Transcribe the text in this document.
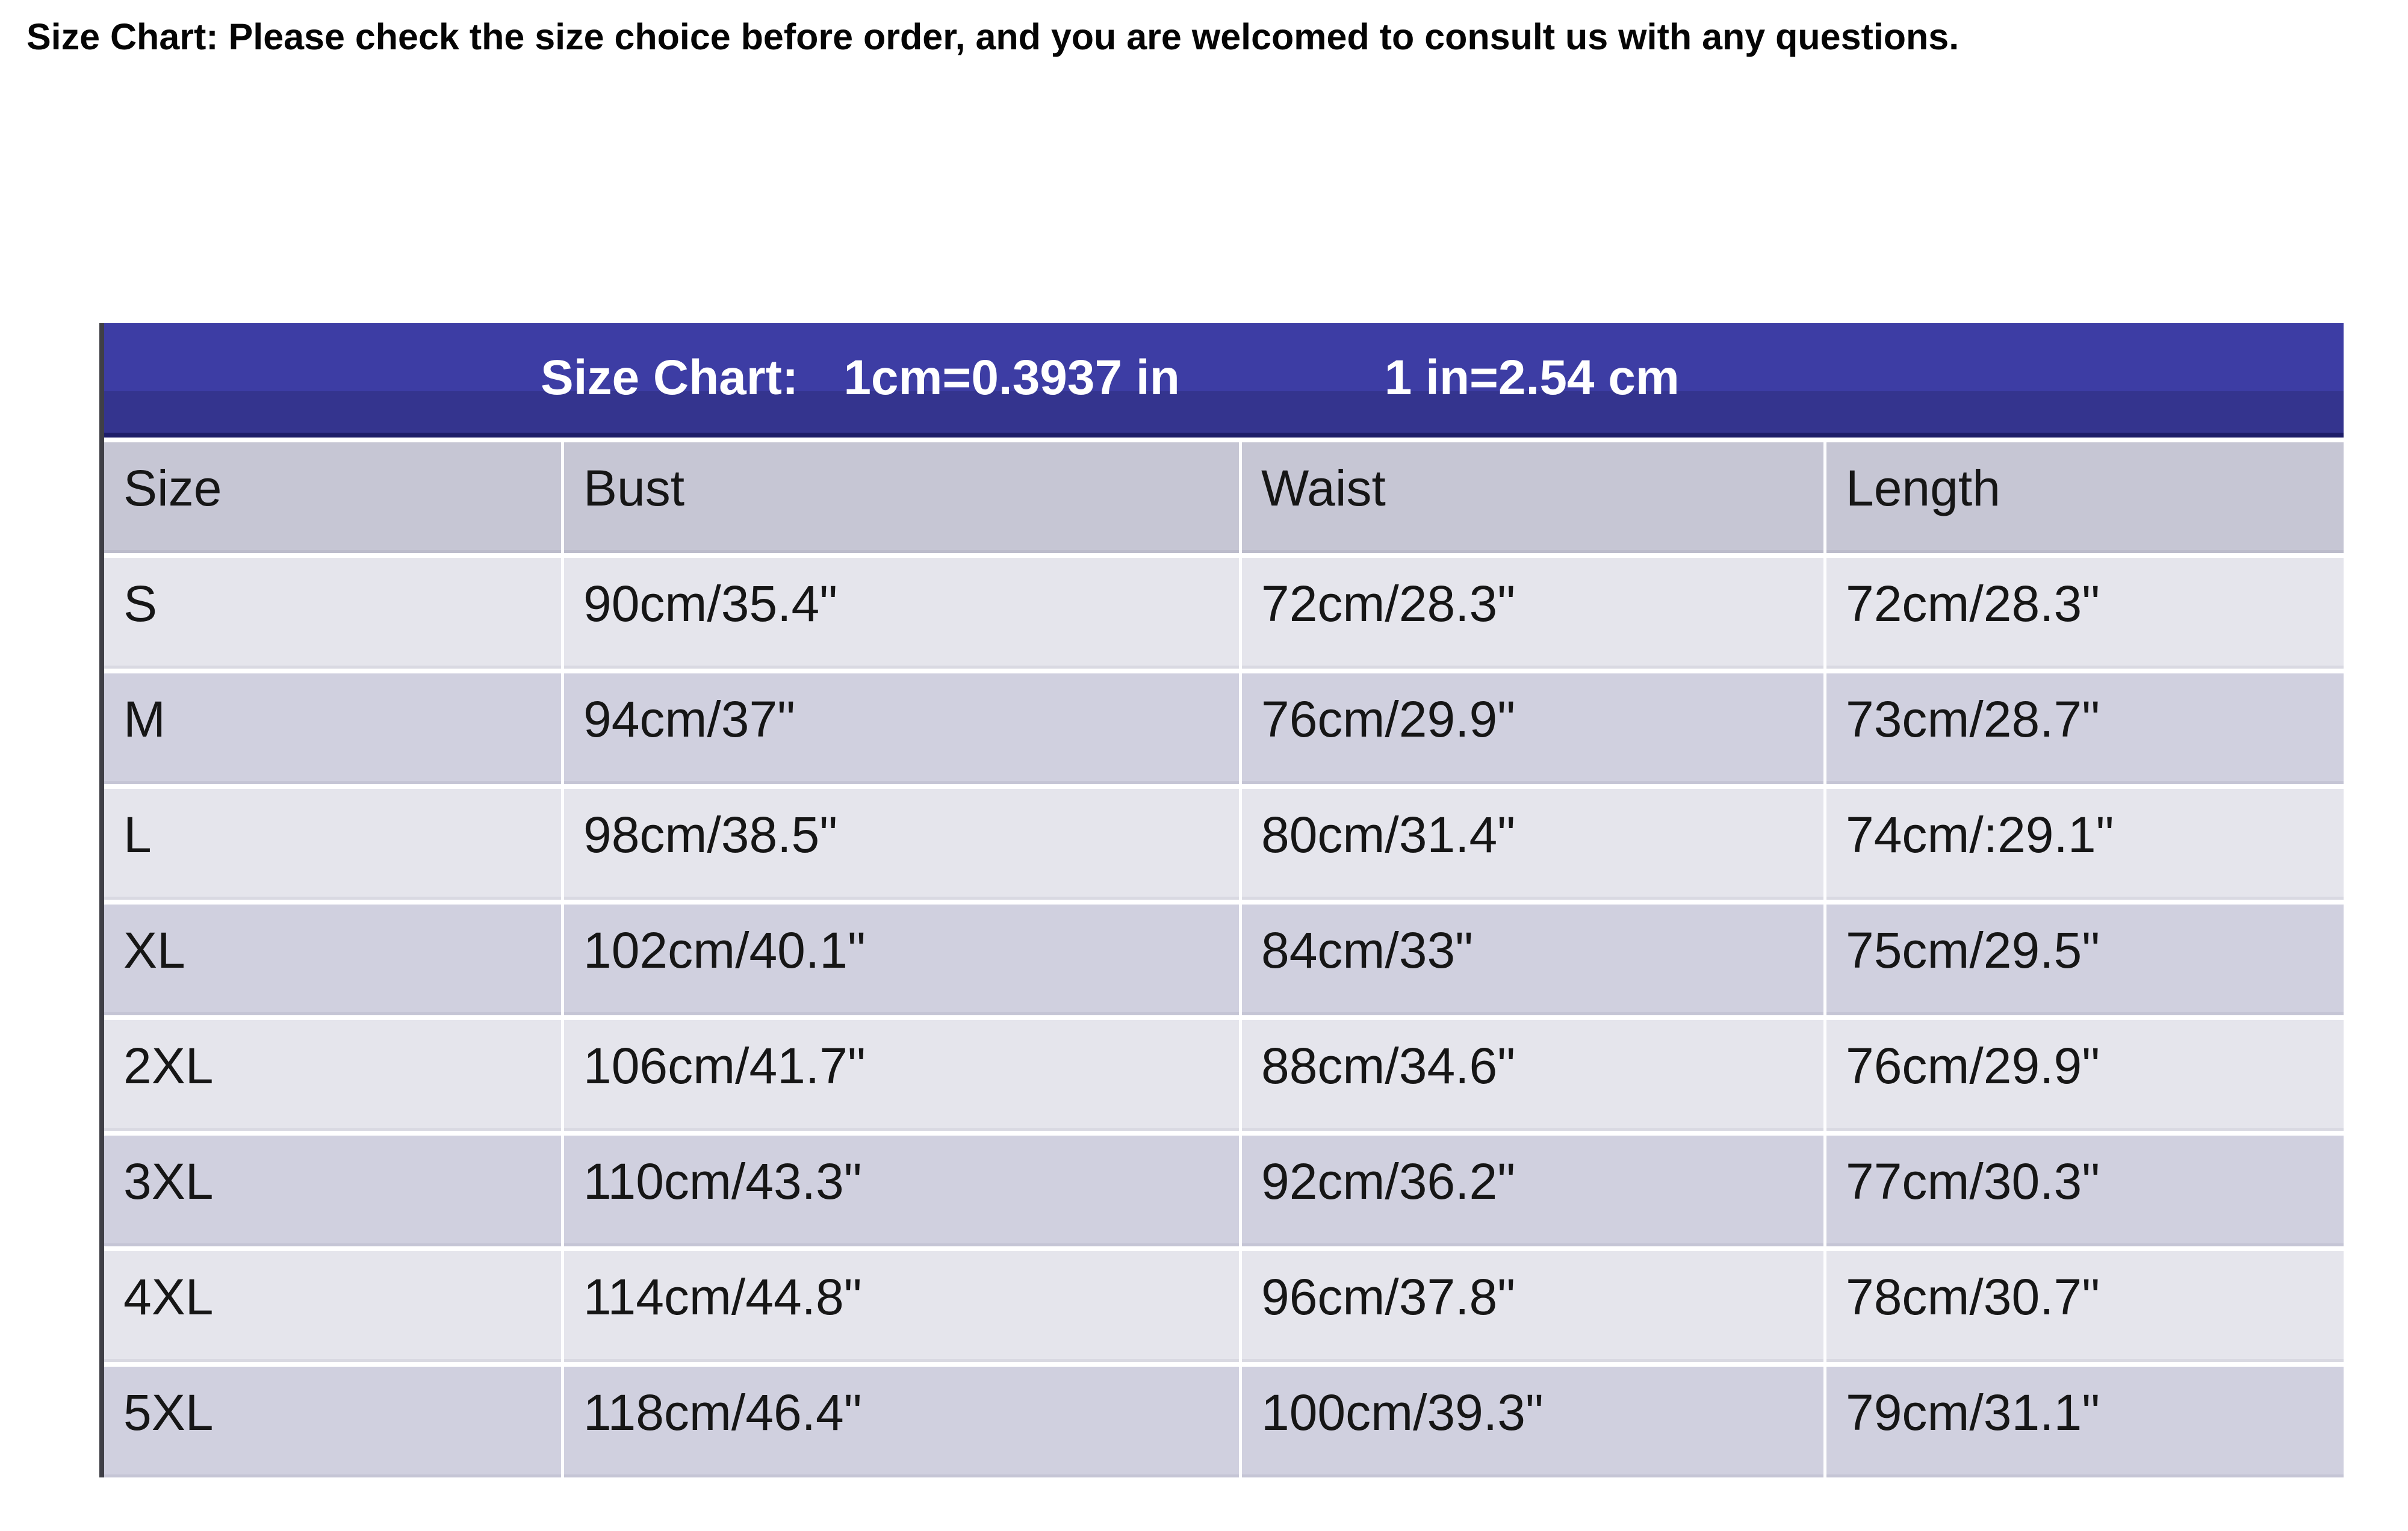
Size Chart: Please check the size choice before order, and you are welcomed to consult us with any questions.
Size Chart: 1cm=0.3937 in	1 in=2.54 cm
Size	Bust	Waist	Length
S	90cm/35.4"	72cm/28.3"	72cm/28.3"
M	94cm/37"	76cm/29.9"	73cm/28.7"
L	98cm/38.5"	80cm/31.4"	74cm/:29.1"
XL	102cm/40.1"	84cm/33"	75cm/29.5"
2XL	106cm/41.7"	88cm/34.6"	76cm/29.9"
3XL	110cm/43.3"	92cm/36.2"	77cm/30.3"
4XL	114cm/44.8"	96cm/37.8"	78cm/30.7"
5XL	118cm/46.4"	100cm/39.3"	79cm/31.1"
